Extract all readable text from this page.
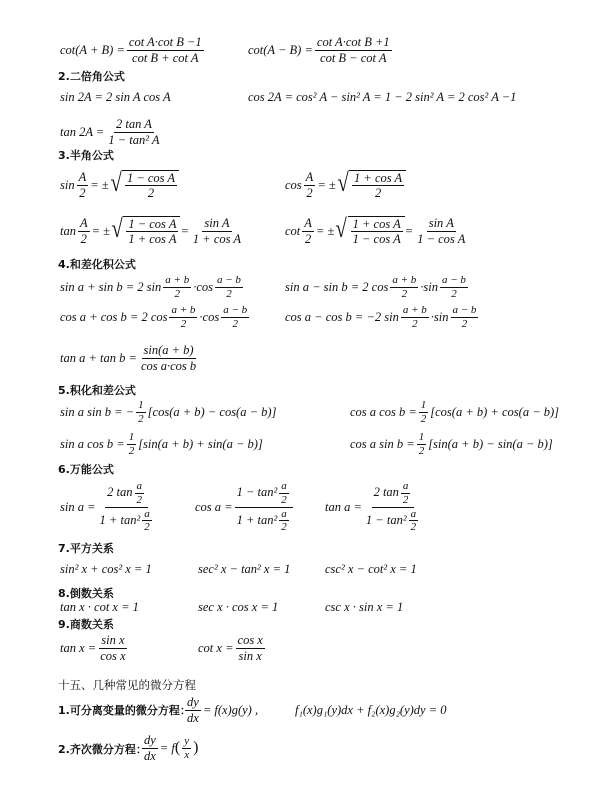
$\cot(A + B) = \frac{\text{cot A·cot B −1}}{\text{cot B + cot A}}$	$\cot(A - B) = \frac{\text{cot A·cot B +1}}{\text{cot B − cot A}}$
2.二倍角公式
sin 2A = 2 sin A cos A	cos 2A = cos² A − sin² A = 1 − 2 sin² A = 2 cos² A −1
$\tan 2A = \frac{\text{2 tan A}}{\text{1 − tan² A}}$
3.半角公式
$\sin \frac{A}{2}$ = ± √ $\frac{\text{1 − cos A}}{2}$	$\cos \frac{A}{2}$ = ± √ $\frac{\text{1 + cos A}}{2}$
$\tan \frac{A}{2}$ = ± √ $\frac{\text{1 − cos A}}{\text{1 + cos A}} = \frac{\text{sin A}}{\text{1 + cos A}}$	$\cot \frac{A}{2}$ = ± √ $\frac{\text{1 + cos A}}{\text{1 − cos A}} = \frac{\text{sin A}}{\text{1 − cos A}}$
4.和差化积公式
sin a + sin b = 2 $\sin \frac{a + b}{2} \cdot\cos \frac{a - b}{2}$	sin a − sin b = 2 $\cos \frac{a + b}{2} \cdot\sin \frac{a - b}{2}$
cos a + cos b = 2 $\cos \frac{a + b}{2} \cdot\cos \frac{a - b}{2}$	cos a − cos b = −2 $\sin \frac{a + b}{2} \cdot\sin \frac{a - b}{2}$
$\tan a + \tan b = \frac{\sin(a + b)}{\text{cos a·cos b}}$
5.积化和差公式
sin a sin b = − $\frac{1}{2} [\cos(a + b) - \cos(a - b)]$	cos a $\cos b = \frac{1}{2} [\cos(a + b) + \cos(a - b)]$
sin a $\cos b = \frac{1}{2} [\sin(a + b) + \sin(a - b)]$	cos a $\sin b = \frac{1}{2} [\sin(a + b) - \sin(a - b)]$
6.万能公式
$\sin a = \frac{2 \tan \frac{a}{2}}{1 + \tan^2 \frac{a}{2}}$	$\cos a = \frac{1 - \tan^2 \frac{a}{2}}{1 + \tan^2 \frac{a}{2}}$	$\tan a = \frac{2 \tan \frac{a}{2}}{1 - \tan^2 \frac{a}{2}}$
7.平方关系
sin² x + cos² x = 1	sec² x − tan² x = 1	csc² x − cot² x = 1
8.倒数关系
tan x · cot x = 1	sec x · cos x = 1	csc x · sin x = 1
9.商数关系
$\tan x = \frac{\text{sin x}}{\text{cos x}}$	$\cot x = \frac{\text{cos x}}{\text{sin x}}$
十五、几种常见的微分方程
1.可分离变量的微分方程：
$\frac{dy}{dx} = f(x)g(y)$ ,	f₁(x)g₁(y)dx + f₂(x)g₂(y)dy = 0
2.齐次微分方程：
$\frac{dy}{dx} = f$ ( $\frac{y}{x}$ )
